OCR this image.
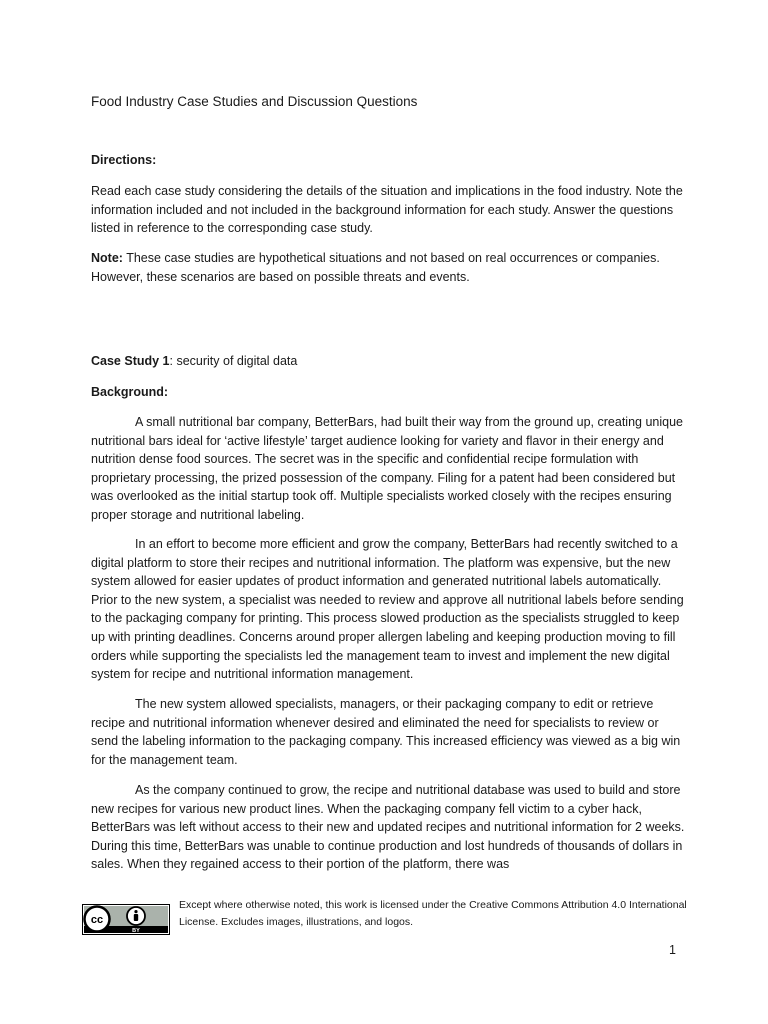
Food Industry Case Studies and Discussion Questions
Directions:

Read each case study considering the details of the situation and implications in the food industry. Note the information included and not included in the background information for each study. Answer the questions listed in reference to the corresponding case study.

Note: These case studies are hypothetical situations and not based on real occurrences or companies. However, these scenarios are based on possible threats and events.

Case Study 1: security of digital data
Background:

A small nutritional bar company, BetterBars, had built their way from the ground up, creating unique nutritional bars ideal for ‘active lifestyle’ target audience looking for variety and flavor in their energy and nutrition dense food sources. The secret was in the specific and confidential recipe formulation with proprietary processing, the prized possession of the company. Filing for a patent had been considered but was overlooked as the initial startup took off. Multiple specialists worked closely with the recipes ensuring proper storage and nutritional labeling.

In an effort to become more efficient and grow the company, BetterBars had recently switched to a digital platform to store their recipes and nutritional information. The platform was expensive, but the new system allowed for easier updates of product information and generated nutritional labels automatically. Prior to the new system, a specialist was needed to review and approve all nutritional labels before sending to the packaging company for printing. This process slowed production as the specialists struggled to keep up with printing deadlines. Concerns around proper allergen labeling and keeping production moving to fill orders while supporting the specialists led the management team to invest and implement the new digital system for recipe and nutritional information management.

The new system allowed specialists, managers, or their packaging company to edit or retrieve recipe and nutritional information whenever desired and eliminated the need for specialists to review or send the labeling information to the packaging company. This increased efficiency was viewed as a big win for the management team.

As the company continued to grow, the recipe and nutritional database was used to build and store new recipes for various new product lines. When the packaging company fell victim to a cyber hack, BetterBars was left without access to their new and updated recipes and nutritional information for 2 weeks. During this time, BetterBars was unable to continue production and lost hundreds of thousands of dollars in sales. When they regained access to their portion of the platform, there was

cc
BY
Except where otherwise noted, this work is licensed under the Creative Commons Attribution 4.0 International License. Excludes images, illustrations, and logos.
1
